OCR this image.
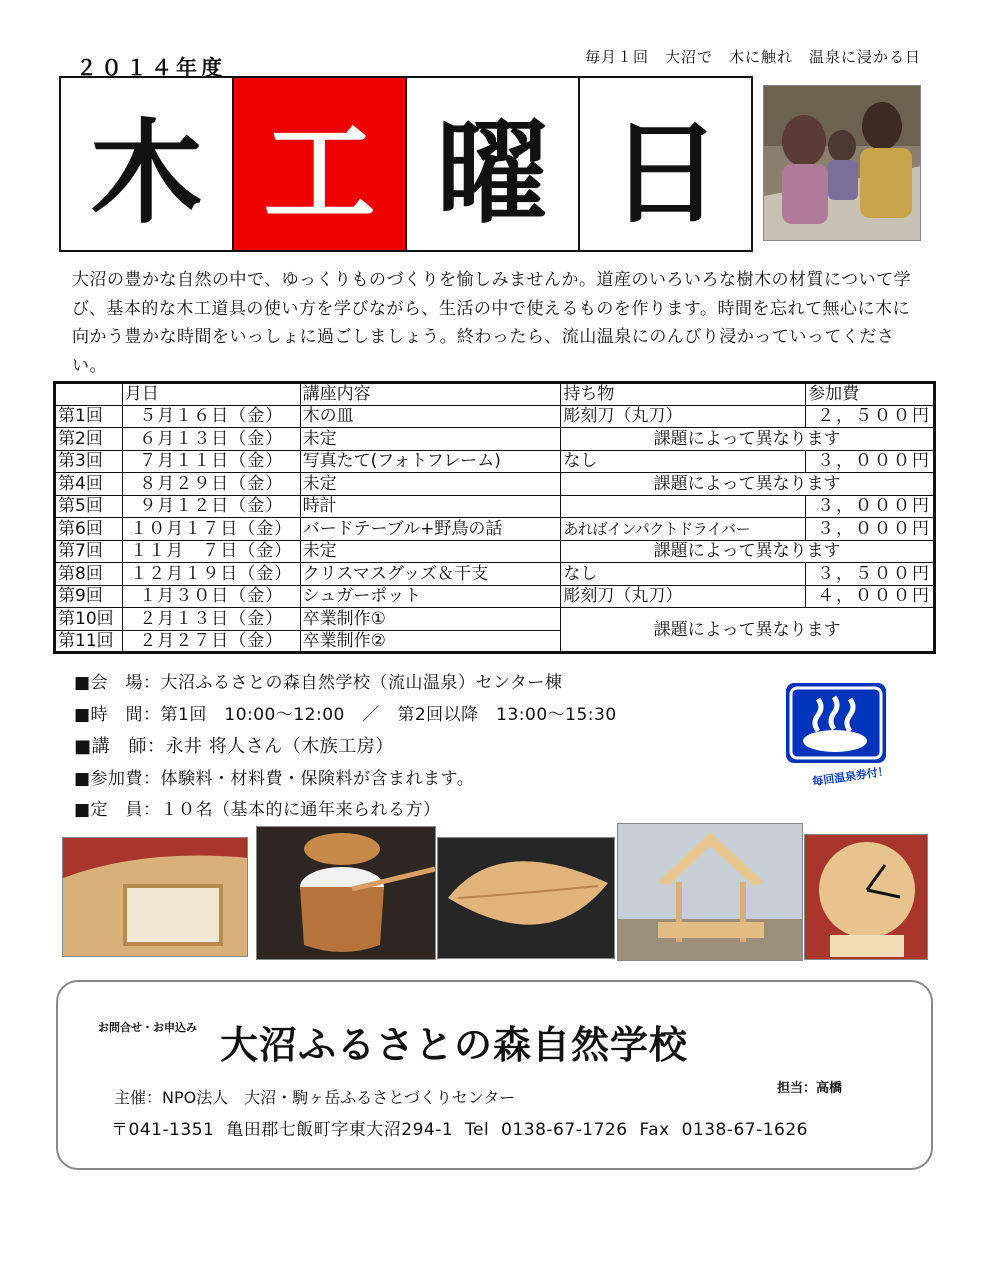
２０１４年度	毎月１回　大沼で　木に触れ　温泉に浸かる日
木 工 曜 日
大沼の豊かな自然の中で、ゆっくりものづくりを愉しみませんか。道産のいろいろな樹木の材質について学び、基本的な木工道具の使い方を学びながら、生活の中で使えるものを作ります。時間を忘れて無心に木に向かう豊かな時間をいっしょに過ごしましょう。終わったら、流山温泉にのんびり浸かっていってください。
	月日	講座内容	持ち物	参加費
第1回	５月１６日（金）	木の皿	彫刻刀（丸刀）	２，５００円
第2回	６月１３日（金）	未定	課題によって異なります	
第3回	７月１１日（金）	写真たて(フォトフレーム)	なし	３，０００円
第4回	８月２９日（金）	未定	課題によって異なります	
第5回	９月１２日（金）	時計		３，０００円
第6回	１０月１７日（金）	バードテーブル+野鳥の話	あればインパクトドライバー	３，０００円
第7回	１１月　７日（金）	未定	課題によって異なります	
第8回	１２月１９日（金）	クリスマスグッズ＆干支	なし	３，５００円
第9回	１月３０日（金）	シュガーポット	彫刻刀（丸刀）	４，０００円
第10回	２月１３日（金）	卒業制作①	課題によって異なります	
第11回	２月２７日（金）	卒業制作②		
■会　場：大沼ふるさとの森自然学校（流山温泉）センター棟
■時　間：第1回　10:00～12:00　／　第2回以降　13:00～15:30
■講　師：永井 将人さん（木族工房）
■参加費：体験料・材料費・保険料が含まれます。
■定　員：１０名（基本的に通年来られる方）
毎回温泉券付！
お問合せ・お申込み 大沼ふるさとの森自然学校
担当：高橋
主催：NPO法人　大沼・駒ヶ岳ふるさとづくりセンター
〒041-1351 亀田郡七飯町字東大沼294-1 Tel 0138-67-1726 Fax 0138-67-1626
